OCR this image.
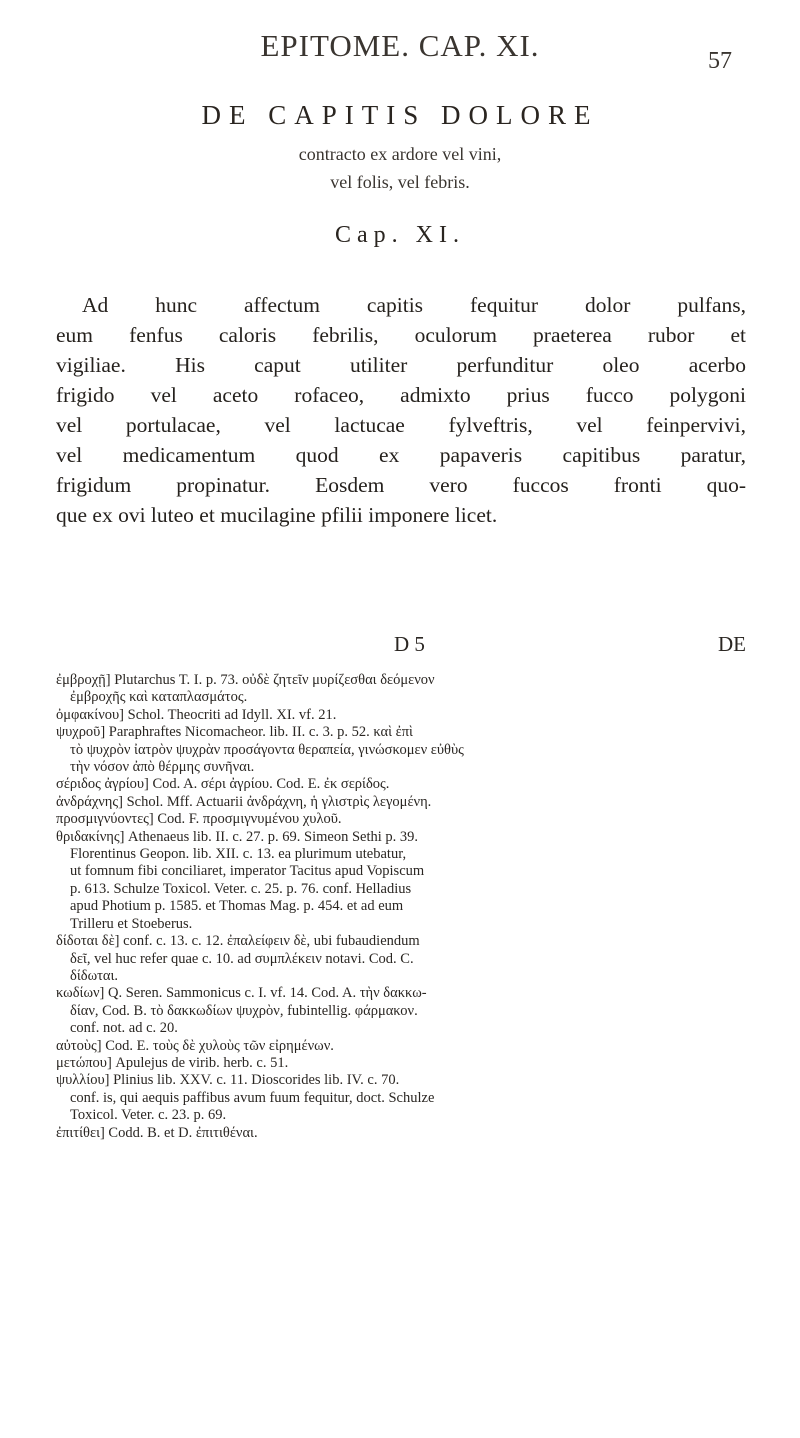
EPITOME. CAP. XI.	57
DE CAPITIS DOLORE
contracto ex ardore vel vini,
vel folis, vel febris.
Cap. XI.
Ad hunc affectum capitis fequitur dolor pulfans,
eum fenfus caloris febrilis, oculorum praeterea rubor et
vigiliae. His caput utiliter perfunditur oleo acerbo
frigido vel aceto rofaceo, admixto prius fucco polygoni
vel portulacae, vel lactucae fylveftris, vel feinpervivi,
vel medicamentum quod ex papaveris capitibus paratur,
frigidum propinatur. Eosdem vero fuccos fronti quo-
que ex ovi luteo et mucilagine pfilii imponere licet.
D 5	DE
ἐμβροχῇ] Plutarchus T. I. p. 73. οὐδὲ ζητεῖν μυρίζεσθαι δεόμενον
ἐμβροχῆς καὶ καταπλασμάτος.
ὀμφακίνου] Schol. Theocriti ad Idyll. XI. vf. 21.
ψυχροῦ] Paraphraftes Nicomacheor. lib. II. c. 3. p. 52. καὶ ἐπὶ
τὸ ψυχρὸν ἰατρὸν ψυχρὰν προσάγοντα θεραπεία, γινώσκομεν εὐθὺς
τὴν νόσον ἀπὸ θέρμης συνῆναι.
σέριδος ἀγρίου] Cod. A. σέρι ἀγρίου. Cod. E. ἐκ σερίδος.
ἀνδράχνης] Schol. Mff. Actuarii ἀνδράχνη, ἡ γλιστρὶς λεγομένη.
προσμιγνύοντες] Cod. F. προσμιγνυμένου χυλοῦ.
θριδακίνης] Athenaeus lib. II. c. 27. p. 69. Simeon Sethi p. 39.
Florentinus Geopon. lib. XII. c. 13. ea plurimum utebatur,
ut fomnum fibi conciliaret, imperator Tacitus apud Vopiscum
p. 613. Schulze Toxicol. Veter. c. 25. p. 76. conf. Helladius
apud Photium p. 1585. et Thomas Mag. p. 454. et ad eum
Trilleru et Stoeberus.
δίδοται δὲ] conf. c. 13. c. 12. ἐπαλείφειν δὲ, ubi fubaudiendum
δεῖ, vel huc refer quae c. 10. ad συμπλέκειν notavi. Cod. C.
δίδωται.
κωδίων] Q. Seren. Sammonicus c. I. vf. 14. Cod. A. τὴν δακκω-
δίαν, Cod. B. τὸ δακκωδίων ψυχρὸν, fubintellig. φάρμακον.
conf. not. ad c. 20.
αὐτοὺς] Cod. E. τοὺς δὲ χυλοὺς τῶν εἰρημένων.
μετώπου] Apulejus de virib. herb. c. 51.
ψυλλίου] Plinius lib. XXV. c. 11. Dioscorides lib. IV. c. 70.
conf. is, qui aequis paffibus avum fuum fequitur, doct. Schulze
Toxicol. Veter. c. 23. p. 69.
ἐπιτίθει] Codd. B. et D. ἐπιτιθέναι.
